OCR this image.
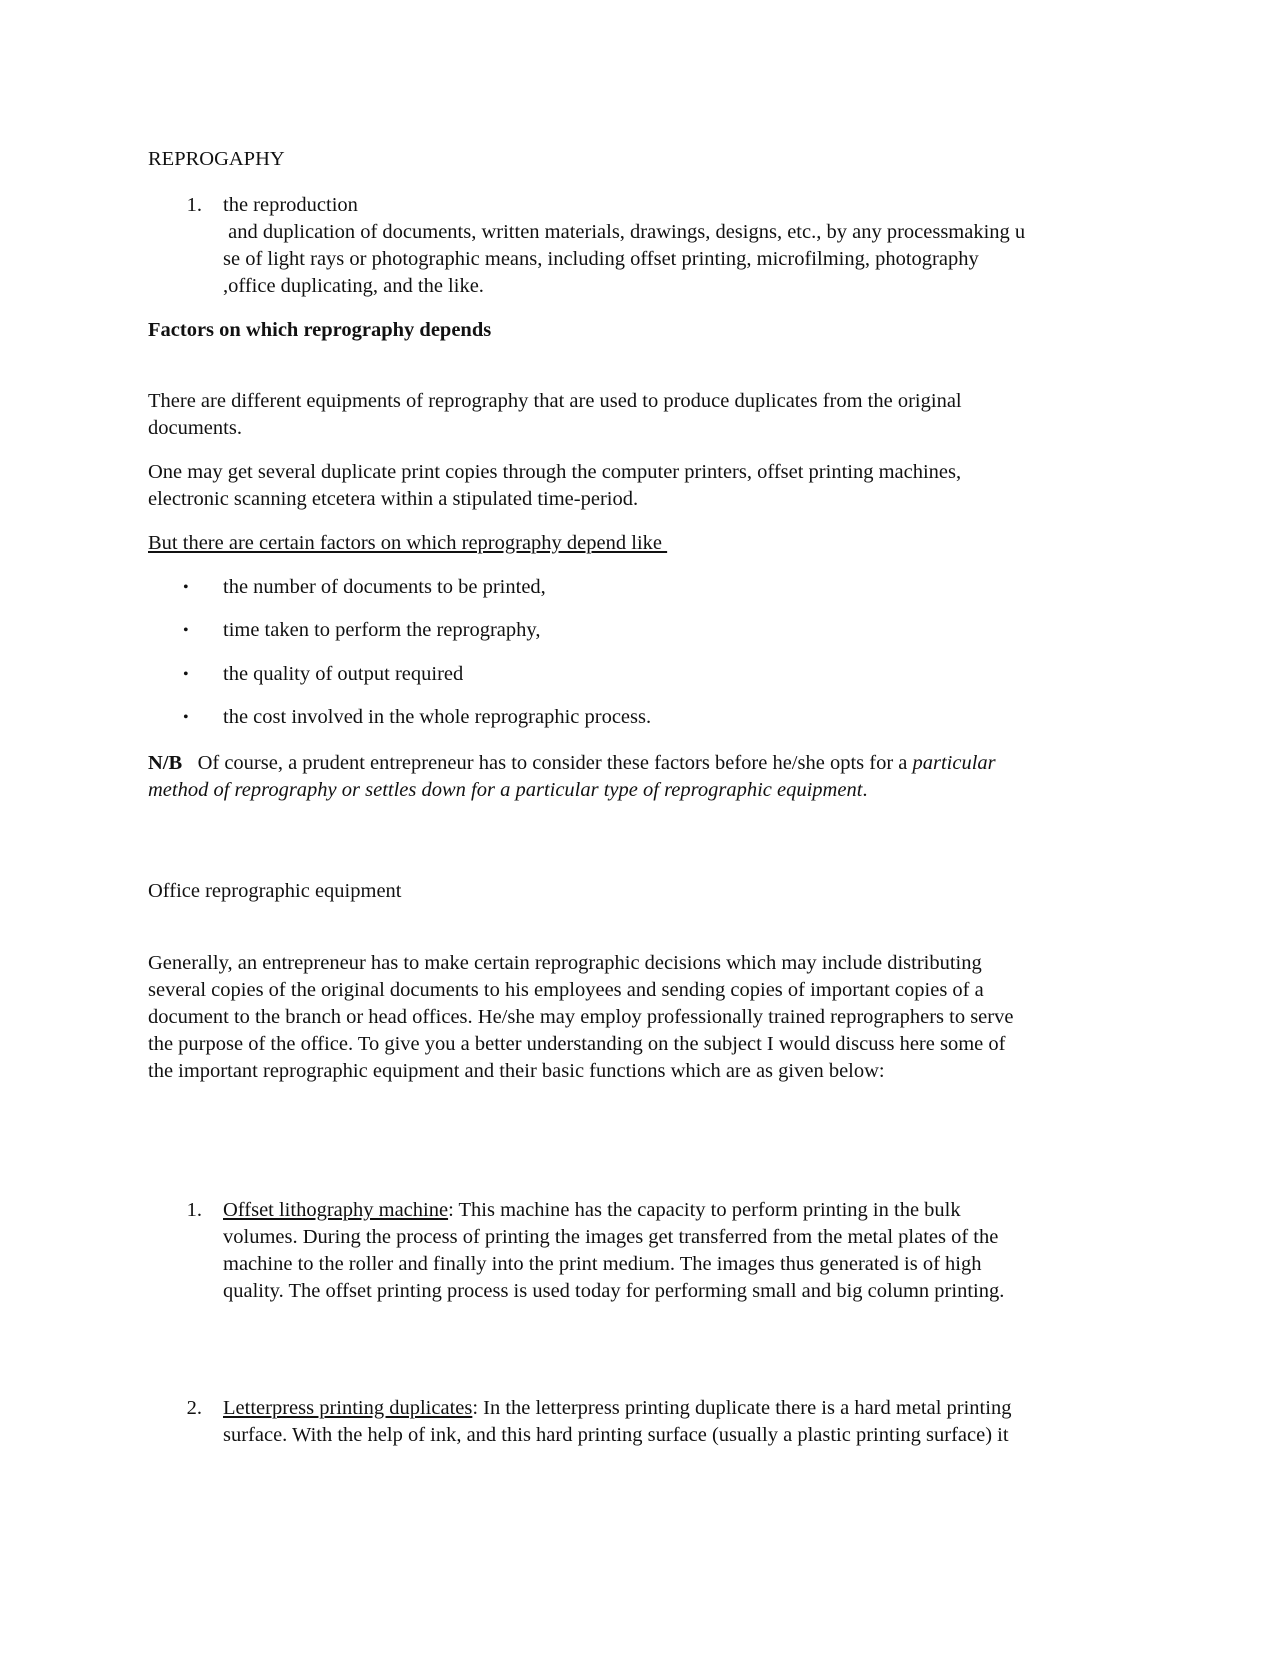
REPROGAPHY
1. the reproduction
and duplication of documents, written materials, drawings, designs, etc., by any processmaking u
se of light rays or photographic means, including offset printing, microfilming, photography
,office duplicating, and the like.
Factors on which reprography depends
There are different equipments of reprography that are used to produce duplicates from the original
documents.
One may get several duplicate print copies through the computer printers, offset printing machines,
electronic scanning etcetera within a stipulated time-period.
But there are certain factors on which reprography depend like
• the number of documents to be printed,
• time taken to perform the reprography,
• the quality of output required
• the cost involved in the whole reprographic process.
N/B Of course, a prudent entrepreneur has to consider these factors before he/she opts for a particular
method of reprography or settles down for a particular type of reprographic equipment.
Office reprographic equipment
Generally, an entrepreneur has to make certain reprographic decisions which may include distributing
several copies of the original documents to his employees and sending copies of important copies of a
document to the branch or head offices. He/she may employ professionally trained reprographers to serve
the purpose of the office. To give you a better understanding on the subject I would discuss here some of
the important reprographic equipment and their basic functions which are as given below:
1. Offset lithography machine: This machine has the capacity to perform printing in the bulk
volumes. During the process of printing the images get transferred from the metal plates of the
machine to the roller and finally into the print medium. The images thus generated is of high
quality. The offset printing process is used today for performing small and big column printing.
2. Letterpress printing duplicates: In the letterpress printing duplicate there is a hard metal printing
surface. With the help of ink, and this hard printing surface (usually a plastic printing surface) it
